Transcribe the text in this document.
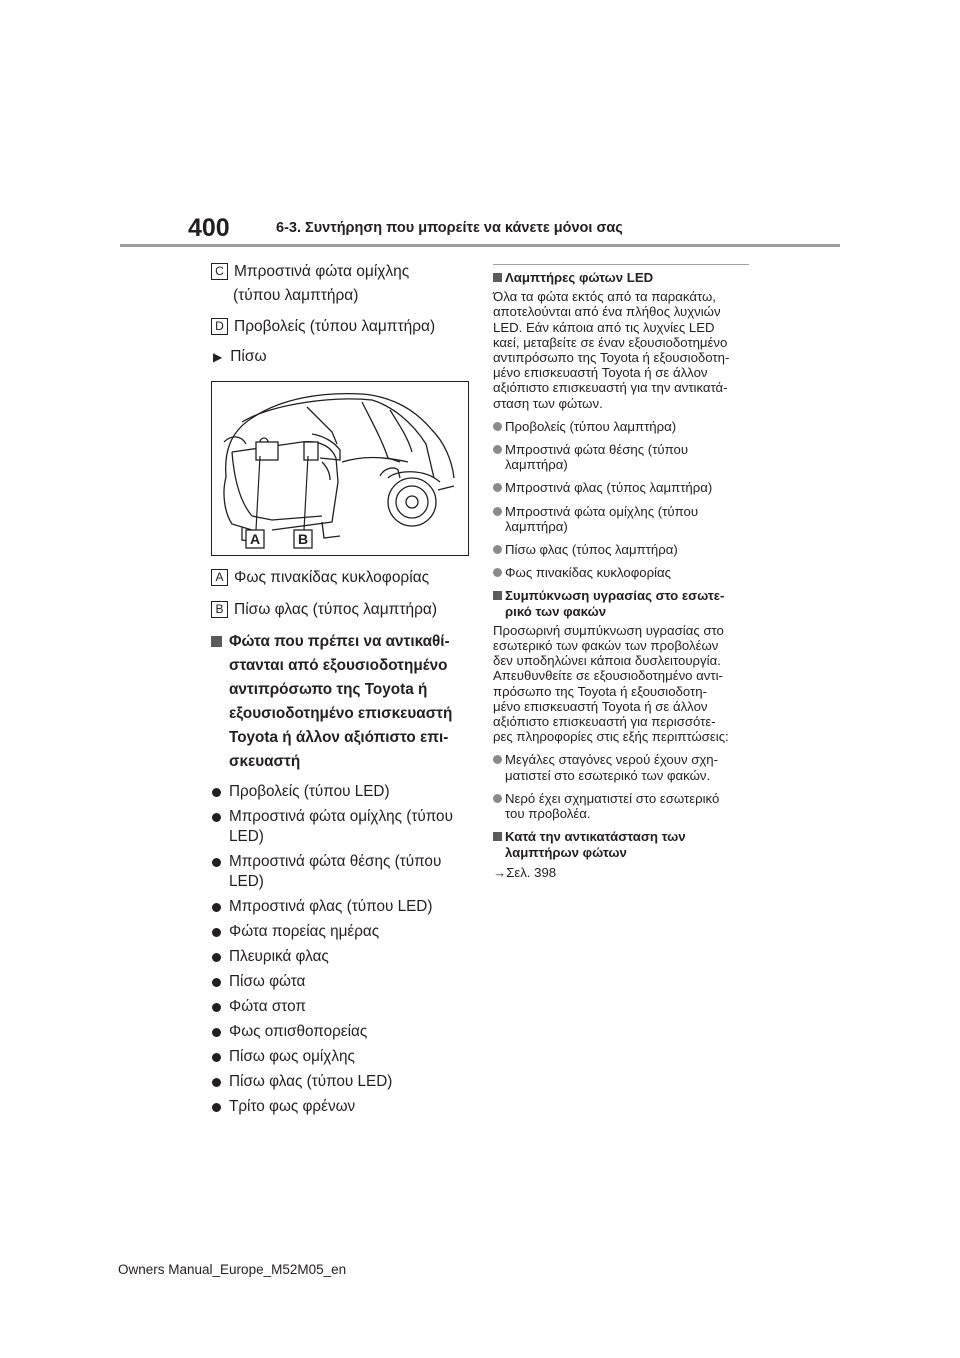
400	6-3. Συντήρηση που μπορείτε να κάνετε μόνοι σας
C Μπροστινά φώτα ομίχλης
(τύπου λαμπτήρα)
D Προβολείς (τύπου λαμπτήρα)
▶ Πίσω
A	B
A Φως πινακίδας κυκλοφορίας
B Πίσω φλας (τύπος λαμπτήρα)
Φώτα που πρέπει να αντικαθί-
στανται από εξουσιοδοτημένο
αντιπρόσωπο της Toyota ή
εξουσιοδοτημένο επισκευαστή
Toyota ή άλλον αξιόπιστο επι-
σκευαστή
Προβολείς (τύπου LED)
Μπροστινά φώτα ομίχλης (τύπου LED)
Μπροστινά φώτα θέσης (τύπου LED)
Μπροστινά φλας (τύπου LED)
Φώτα πορείας ημέρας
Πλευρικά φλας
Πίσω φώτα
Φώτα στοπ
Φως οπισθοπορείας
Πίσω φως ομίχλης
Πίσω φλας (τύπου LED)
Τρίτο φως φρένων
Λαμπτήρες φώτων LED
Όλα τα φώτα εκτός από τα παρακάτω,
αποτελούνται από ένα πλήθος λυχνιών
LED. Εάν κάποια από τις λυχνίες LED
καεί, μεταβείτε σε έναν εξουσιοδοτημένο
αντιπρόσωπο της Toyota ή εξουσιοδοτη-
μένο επισκευαστή Toyota ή σε άλλον
αξιόπιστο επισκευαστή για την αντικατά-
σταση των φώτων.
Προβολείς (τύπου λαμπτήρα)
Μπροστινά φώτα θέσης (τύπου
λαμπτήρα)
Μπροστινά φλας (τύπος λαμπτήρα)
Μπροστινά φώτα ομίχλης (τύπου
λαμπτήρα)
Πίσω φλας (τύπος λαμπτήρα)
Φως πινακίδας κυκλοφορίας
Συμπύκνωση υγρασίας στο εσωτε-
ρικό των φακών
Προσωρινή συμπύκνωση υγρασίας στο
εσωτερικό των φακών των προβολέων
δεν υποδηλώνει κάποια δυσλειτουργία.
Απευθυνθείτε σε εξουσιοδοτημένο αντι-
πρόσωπο της Toyota ή εξουσιοδοτη-
μένο επισκευαστή Toyota ή σε άλλον
αξιόπιστο επισκευαστή για περισσότε-
ρες πληροφορίες στις εξής περιπτώσεις:
Μεγάλες σταγόνες νερού έχουν σχη-
ματιστεί στο εσωτερικό των φακών.
Νερό έχει σχηματιστεί στο εσωτερικό
του προβολέα.
Κατά την αντικατάσταση των
λαμπτήρων φώτων
→Σελ. 398
Owners Manual_Europe_M52M05_en
